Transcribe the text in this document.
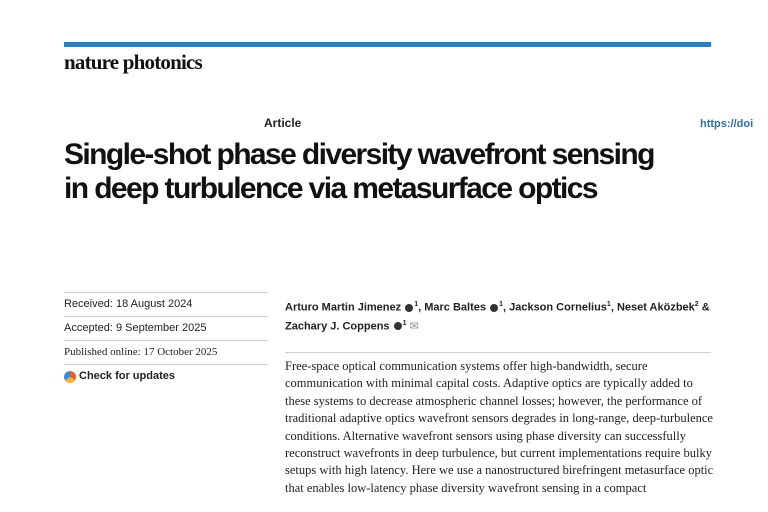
nature photonics
Article	https://doi
Single-shot phase diversity wavefront sensing in deep turbulence via metasurface optics
Received: 18 August 2024
Accepted: 9 September 2025
Published online: 17 October 2025
Check for updates

Arturo Martin Jimenez $^1$, Marc Baltes $^1$, Jackson Cornelius$^1$, Neset Aközbek$^2$ & Zachary J. Coppens $^1$ ✉

Free-space optical communication systems offer high-bandwidth, secure communication with minimal capital costs. Adaptive optics are typically added to these systems to decrease atmospheric channel losses; however, the performance of traditional adaptive optics wavefront sensors degrades in long-range, deep-turbulence conditions. Alternative wavefront sensors using phase diversity can successfully reconstruct wavefronts in deep turbulence, but current implementations require bulky setups with high latency. Here we use a nanostructured birefringent metasurface optic that enables low-latency phase diversity wavefront sensing in a compact
